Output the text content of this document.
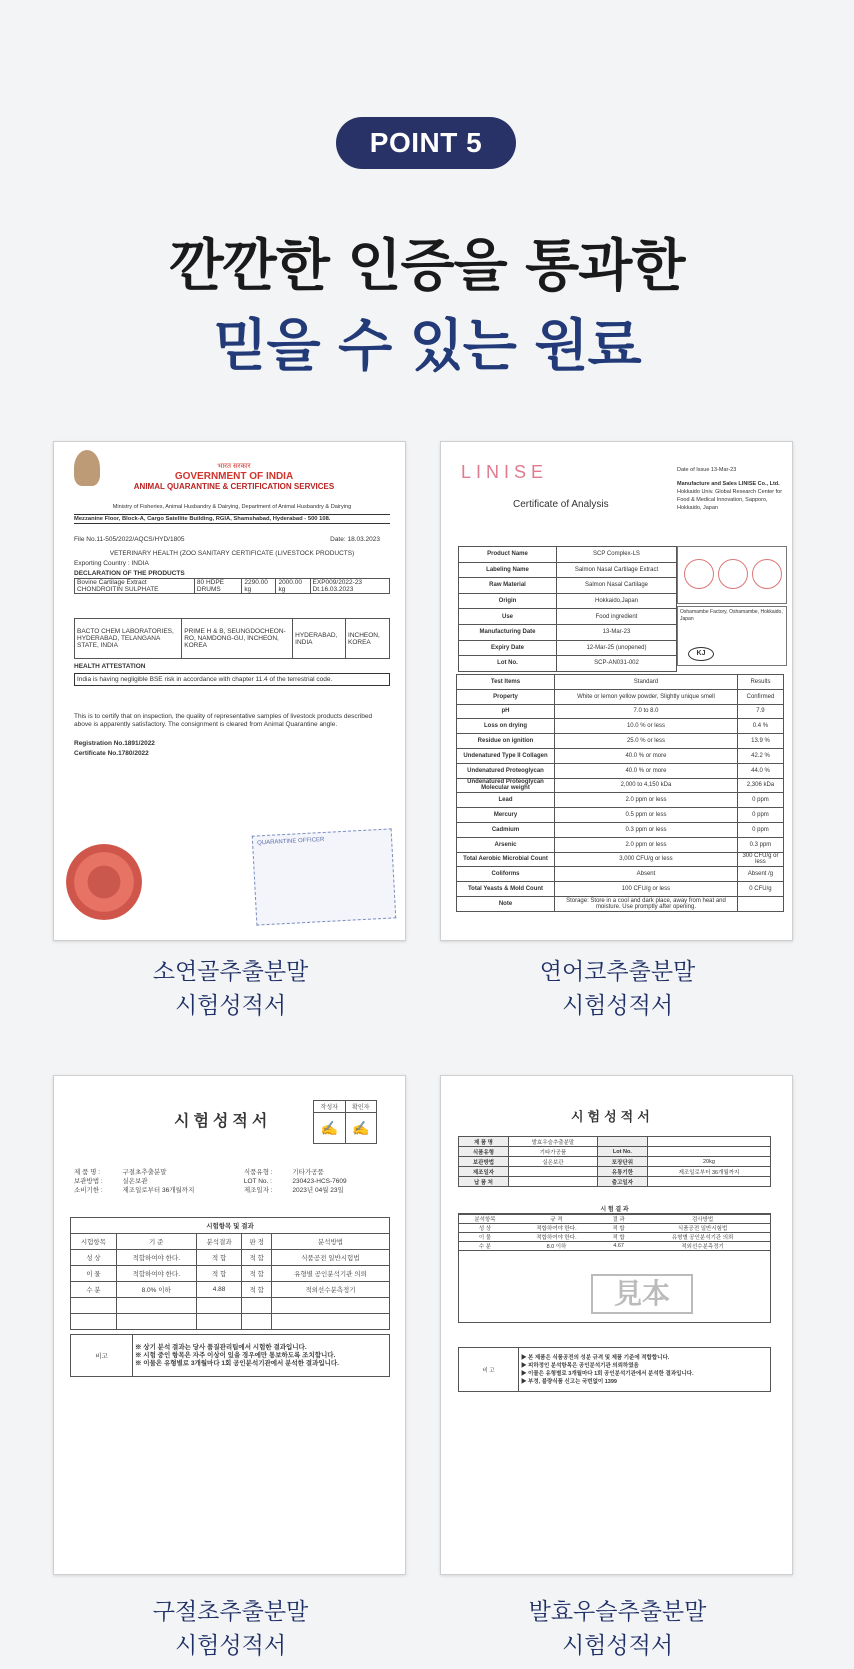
POINT 5
깐깐한 인증을 통과한
믿을 수 있는 원료
भारत सरकार
GOVERNMENT OF INDIA
ANIMAL QUARANTINE & CERTIFICATION SERVICES
Ministry of Fisheries, Animal Husbandry & Dairying, Department of Animal Husbandry & Dairying
Mezzanine Floor, Block-A, Cargo Satellite Building, RGIA, Shamshabad, Hyderabad - 500 108.
File No.11-505/2022/AQCS/HYD/1805	Date: 18.03.2023
VETERINARY HEALTH (ZOO SANITARY CERTIFICATE (LIVESTOCK PRODUCTS)
Exporting Country : INDIA
DECLARATION OF THE PRODUCTS
Bovine Cartilage Extract CHONDROITIN SULPHATE	80 HDPE DRUMS	2290.00 kg	2000.00 kg	EXP009/2022-23 Dt.16.03.2023
BACTO CHEM LABORATORIES, HYDERABAD, TELANGANA STATE, INDIA	PRIME H & B, SEUNGDOCHEON-RO, NAMDONG-GU, INCHEON, KOREA	HYDERABAD, INDIA	INCHEON, KOREA
HEALTH ATTESTATION
India is having negligible BSE risk in accordance with chapter 11.4 of the terrestrial code.
This is to certify that on inspection, the quality of representative samples of livestock products described above is apparently satisfactory. The consignment is cleared from Animal Quarantine angle.
Registration No.1891/2022
Certificate No.1780/2022
QUARANTINE OFFICER
소연골추출분말
시험성적서
LINISE
Certificate of Analysis
Date of Issue 13-Mar-23
Manufacture and Sales LINISE Co., Ltd.
Hokkaido Univ. Global Research Center for Food & Medical Innovation, Sapporo, Hokkaido, Japan
Product Name	SCP Complex-LS
Labeling Name	Salmon Nasal Cartilage Extract
Raw Material	Salmon Nasal Cartilage
Origin	Hokkaido,Japan
Use	Food ingredient
Manufacturing Date	13-Mar-23
Expiry Date	12-Mar-25 (unopened)
Lot No.	SCP-AN031-002
Oshamambe Factory, Oshamambe, Hokkaido, Japan
KJ
Test Items	Standard	Results
Property	White or lemon yellow powder, Slightly unique smell	Confirmed
pH	7.0 to 8.0	7.9
Loss on drying	10.0 % or less	0.4 %
Residue on ignition	25.0 % or less	13.9 %
Undenatured Type II Collagen	40.0 % or more	42.2 %
Undenatured Proteoglycan	40.0 % or more	44.0 %
Undenatured Proteoglycan Molecular weight	2,000 to 4,150 kDa	2,306 kDa
Lead	2.0 ppm or less	0 ppm
Mercury	0.5 ppm or less	0 ppm
Cadmium	0.3 ppm or less	0 ppm
Arsenic	2.0 ppm or less	0.3 ppm
Total Aerobic Microbial Count	3,000 CFU/g or less	300 CFU/g or less
Coliforms	Absent	Absent /g
Total Yeasts & Mold Count	100 CFU/g or less	0 CFU/g
Note	Storage: Store in a cool and dark place, away from heat and moisture. Use promptly after opening.	
연어코추출분말
시험성적서
시험성적서
작성자	확인자
✍	✍
제 품 명 :	구절초추출분말	식품유형 :	기타가공품
보관방법 :	실온보관	LOT No. :	230423-HCS-7609
소비기한 :	제조일로부터 36개월까지	제조일자 :	2023년 04월 23일
시험항목 및 결과				
시험항목	기 준	분석결과	판 정	분석방법
성 상	적합하여야 한다.	적 합	적 합	식품공전 일반시험법
이 물	적합하여야 한다.	적 합	적 합	유형별 공인분석기관 의뢰
수 분	8.0% 이하	4.88	적 합	적외선수분측정기

비고	
※ 상기 분석 결과는 당사 품질관리팀에서 시험한 결과입니다.
※ 시험 중인 항목은 자주 이상이 있을 경우에만 통보하도록 조치합니다.
※ 이물은 유형별로 3개월마다 1회 공인분석기관에서 분석한 결과입니다.
구절초추출분말
시험성적서
시험성적서
제 품 명	발효우슬추출분말		
식품유형	기타가공품	Lot No.	
보관방법	실온보관	포장단위	20kg
제조일자		유통기한	제조일로부터 36개월까지
납 품 처		출고일자	
시 험 결 과
분석항목	규 격	결 과	검사방법
성 상	적합하여야 한다.	적 합	식품공전 일반시험법
이 물	적합하여야 한다.	적 합	유형별 공인분석기관 의뢰
수 분	8.0 이하	4.67	적외선수분측정기
見本
비 고	
▶ 본 제품은 식품공전의 성분 규격 및 제품 기준에 적합합니다.
▶ 피하정인 분석항목은 공인분석기관 의뢰하였음
▶ 이물은 유형별로 3개월마다 1회 공인분석기관에서 분석한 결과입니다.
▶ 부정, 불량식품 신고는 국번없이 1399
발효우슬추출분말
시험성적서
